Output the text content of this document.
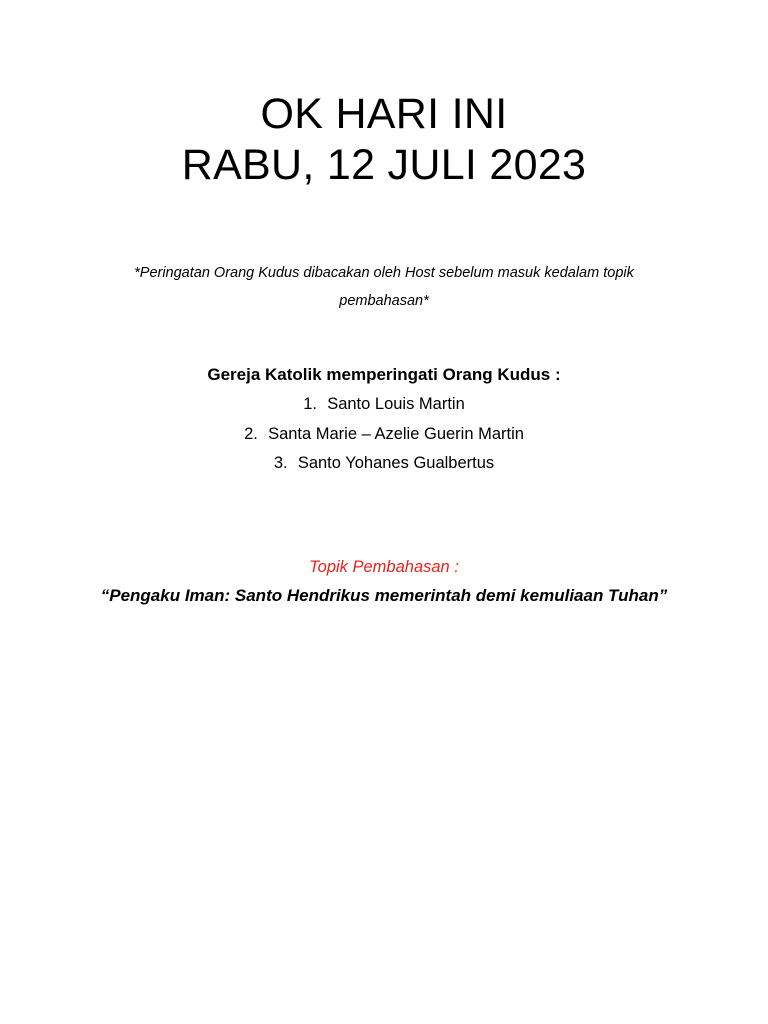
OK HARI INI
RABU, 12 JULI 2023
*Peringatan Orang Kudus dibacakan oleh Host sebelum masuk kedalam topik
pembahasan*
Gereja Katolik memperingati Orang Kudus :
1. Santo Louis Martin
2. Santa Marie – Azelie Guerin Martin
3. Santo Yohanes Gualbertus
Topik Pembahasan :
“Pengaku Iman: Santo Hendrikus memerintah demi kemuliaan Tuhan”
